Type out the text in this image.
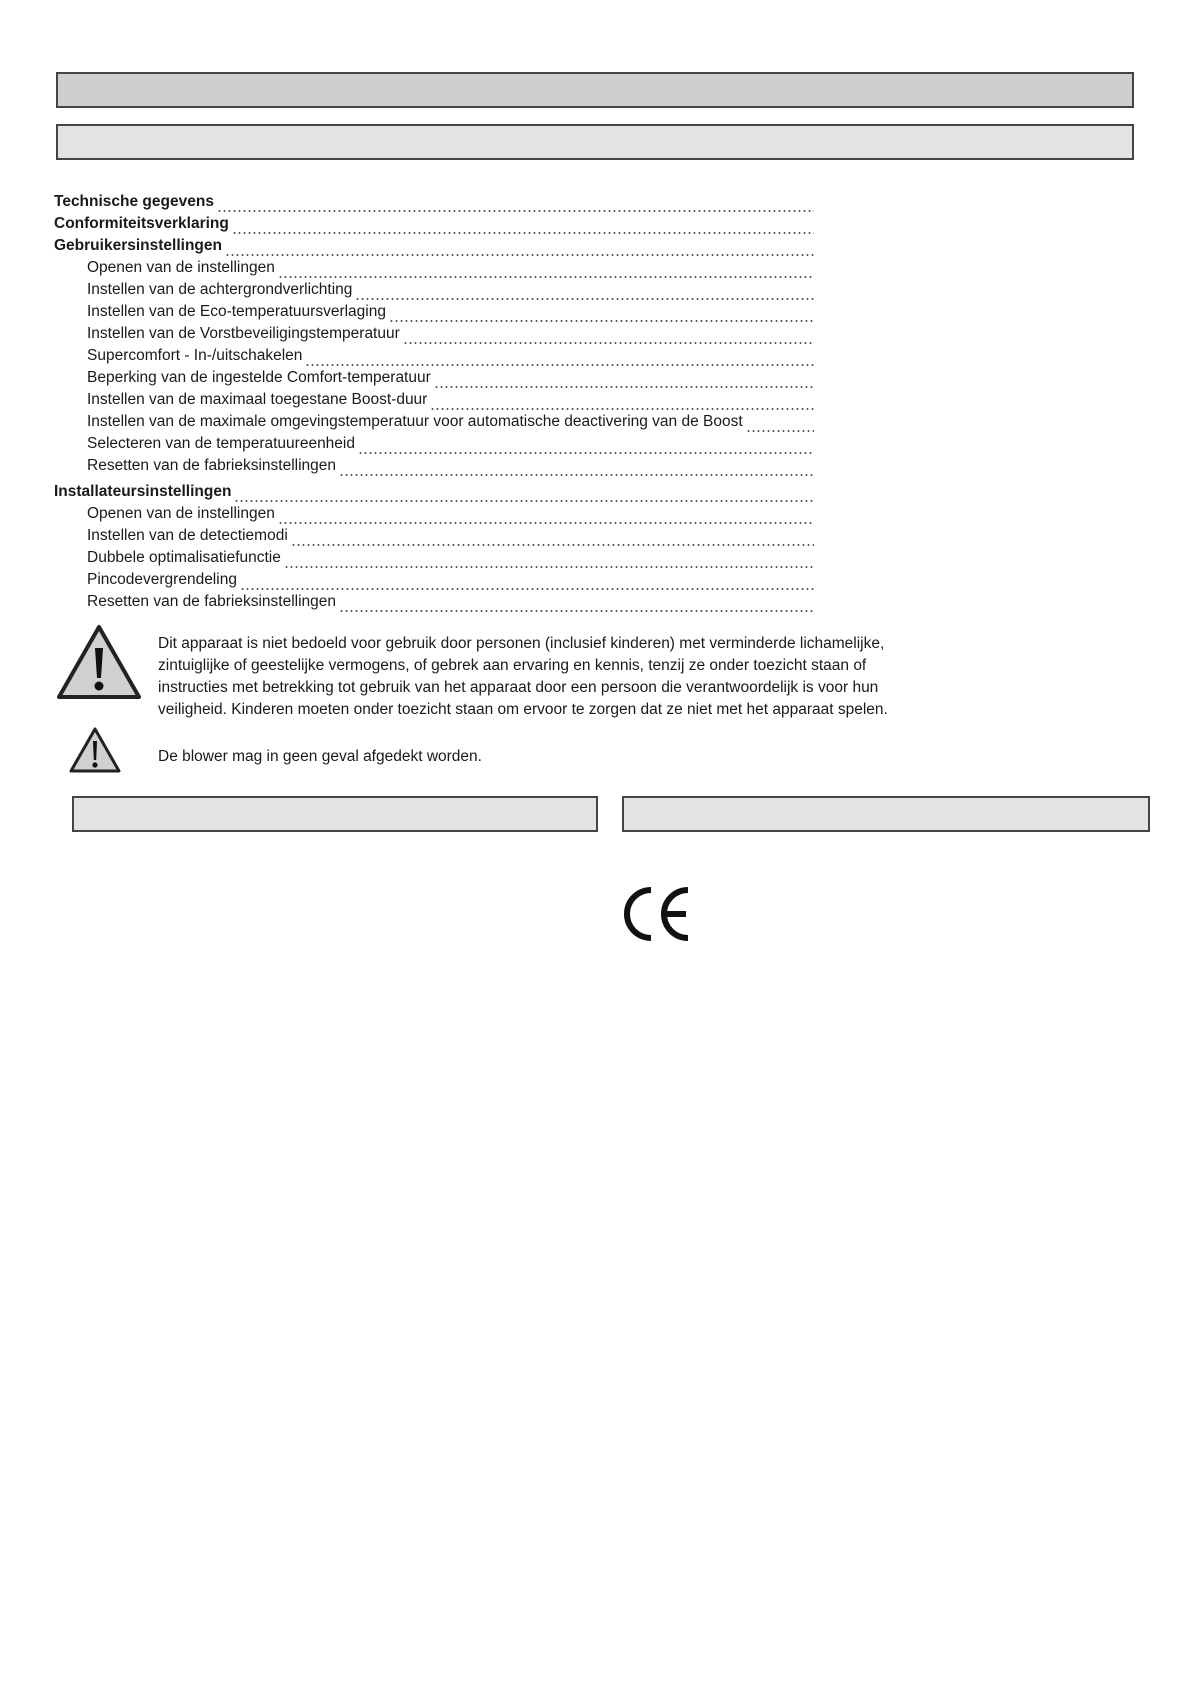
Technische gegevens
Conformiteitsverklaring
Gebruikersinstellingen
Openen van de instellingen
Instellen van de achtergrondverlichting
Instellen van de Eco-temperatuursverlaging
Instellen van de Vorstbeveiligingstemperatuur
Supercomfort - In-/uitschakelen
Beperking van de ingestelde Comfort-temperatuur
Instellen van de maximaal toegestane Boost-duur
Instellen van de maximale omgevingstemperatuur voor automatische deactivering van de Boost
Selecteren van de temperatuureenheid
Resetten van de fabrieksinstellingen
Installateursinstellingen
Openen van de instellingen
Instellen van de detectiemodi
Dubbele optimalisatiefunctie
Pincodevergrendeling
Resetten van de fabrieksinstellingen
Dit apparaat is niet bedoeld voor gebruik door personen (inclusief kinderen) met verminderde lichamelijke, zintuiglijke of geestelijke vermogens, of gebrek aan ervaring en kennis, tenzij ze onder toezicht staan of instructies met betrekking tot gebruik van het apparaat door een persoon die verantwoordelijk is voor hun veiligheid. Kinderen moeten onder toezicht staan om ervoor te zorgen dat ze niet met het apparaat spelen.
De blower mag in geen geval afgedekt worden.
